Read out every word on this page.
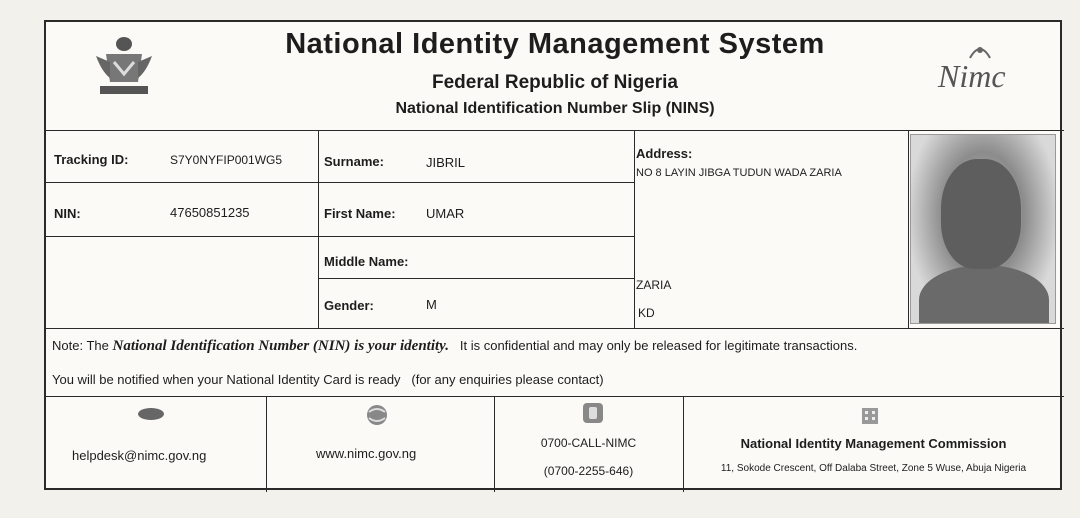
National Identity Management System
Federal Republic of Nigeria
National Identification Number Slip (NINS)
Nimc
Tracking ID:	S7Y0NYFIP001WG5	Surname:	JIBRIL
Address:
NO 8 LAYIN JIBGA TUDUN WADA ZARIA
NIN:	47650851235	First Name: UMAR
Middle Name:
Gender:	M
ZARIA
KD
Note: The National Identification Number (NIN) is your identity. It is confidential and may only be released for legitimate transactions.
You will be notified when your National Identity Card is ready   (for any enquiries please contact)
helpdesk@nimc.gov.ng	www.nimc.gov.ng
0700-CALL-NIMC
(0700-2255-646)
National Identity Management Commission
11, Sokode Crescent, Off Dalaba Street, Zone 5 Wuse, Abuja Nigeria
